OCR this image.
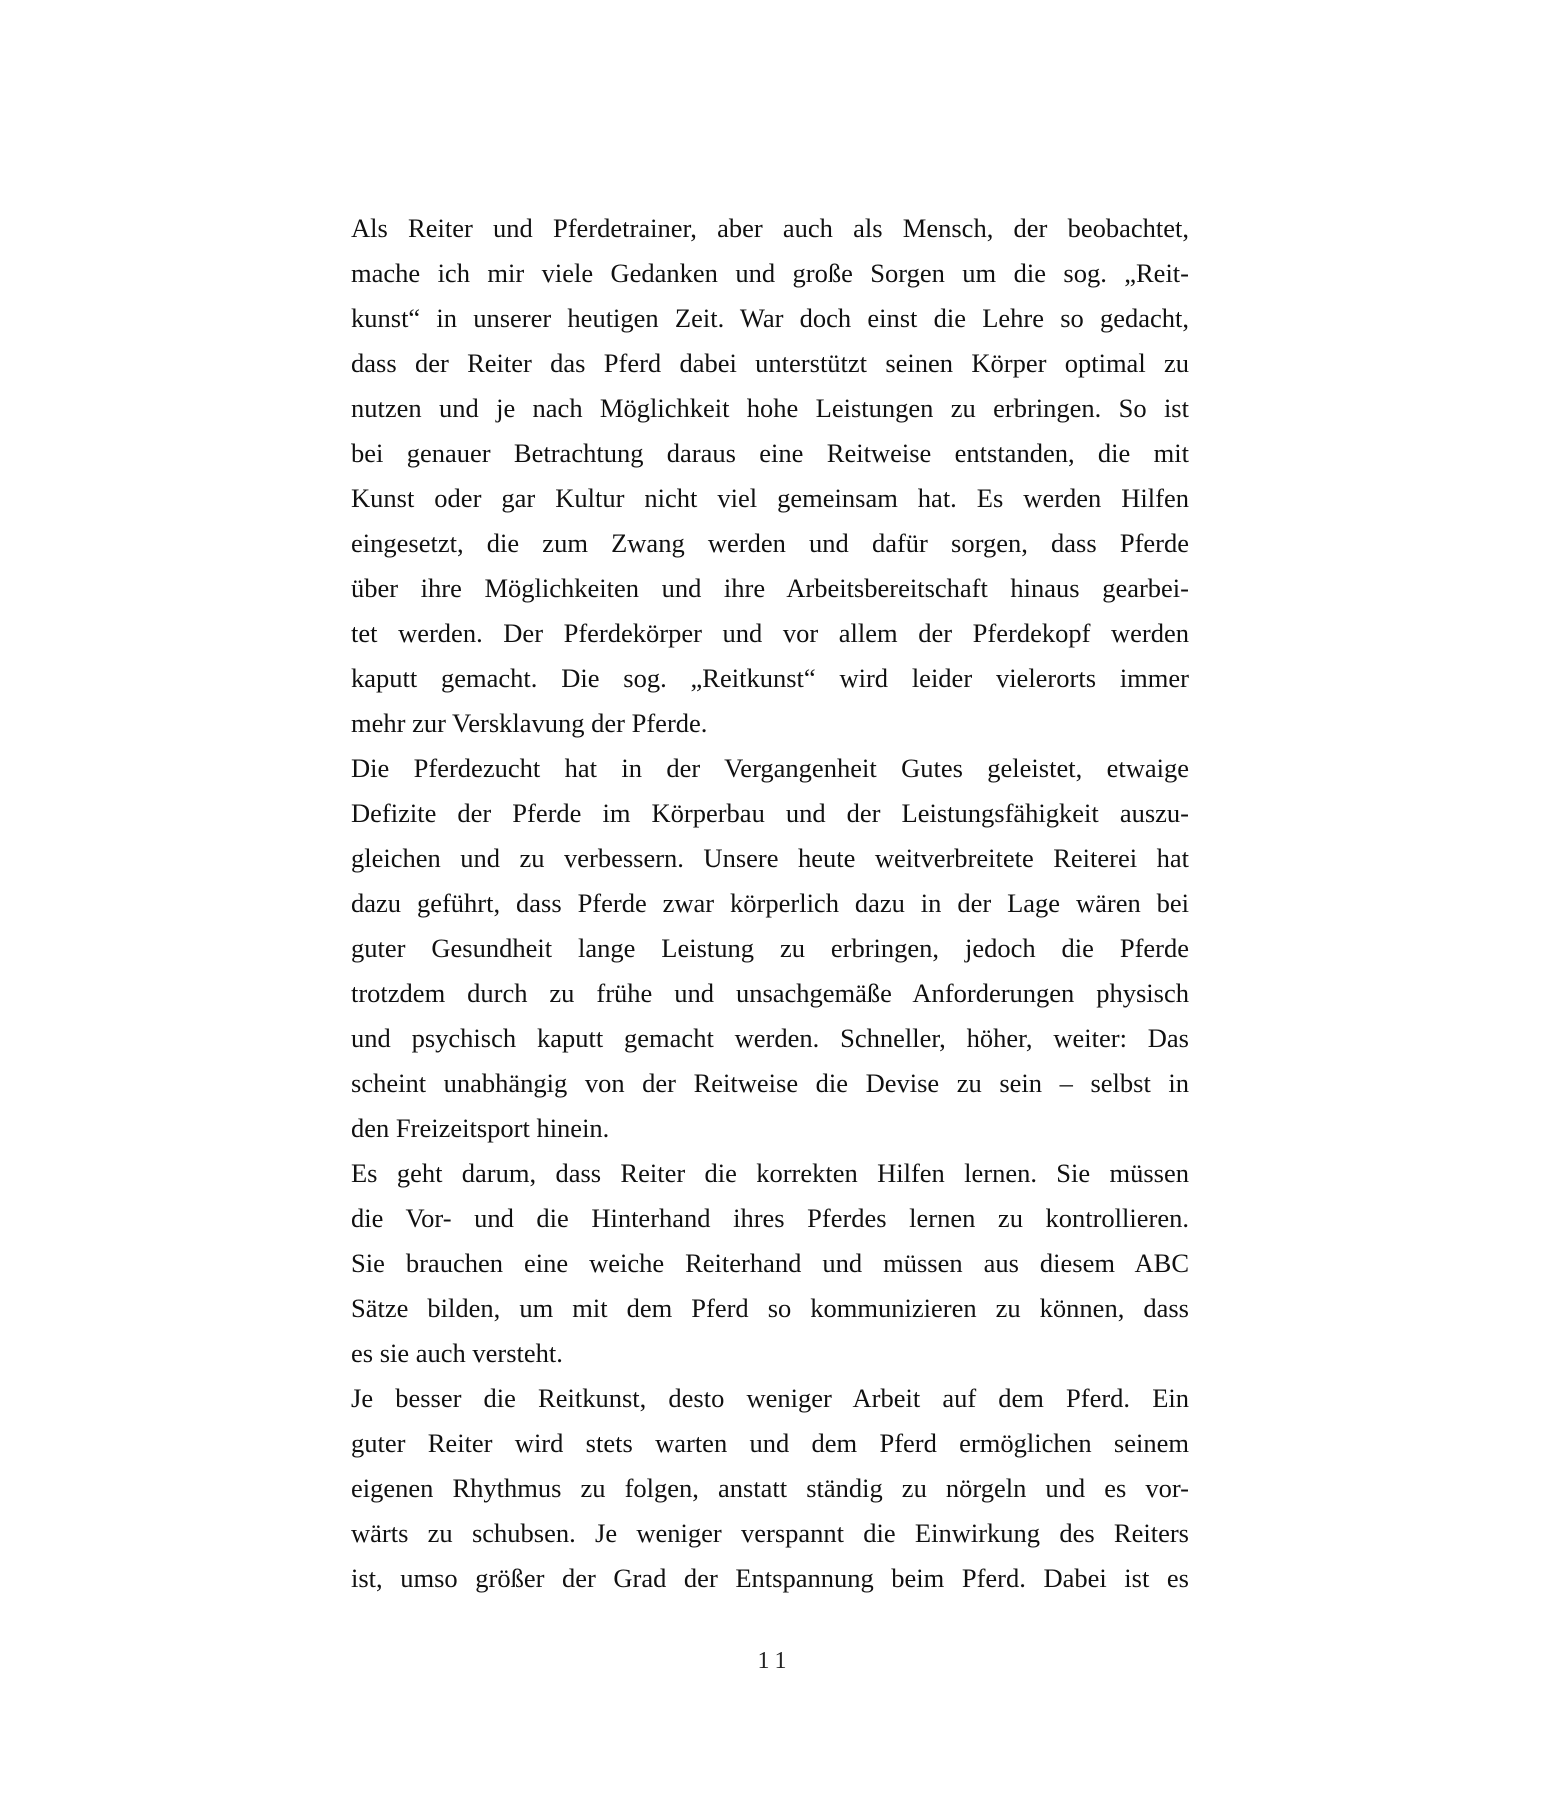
Als Reiter und Pferdetrainer, aber auch als Mensch, der beobachtet,
mache ich mir viele Gedanken und große Sorgen um die sog. „Reit-
kunst“ in unserer heutigen Zeit. War doch einst die Lehre so gedacht,
dass der Reiter das Pferd dabei unterstützt seinen Körper optimal zu
nutzen und je nach Möglichkeit hohe Leistungen zu erbringen. So ist
bei genauer Betrachtung daraus eine Reitweise entstanden, die mit
Kunst oder gar Kultur nicht viel gemeinsam hat. Es werden Hilfen
eingesetzt, die zum Zwang werden und dafür sorgen, dass Pferde
über ihre Möglichkeiten und ihre Arbeitsbereitschaft hinaus gearbei-
tet werden. Der Pferdekörper und vor allem der Pferdekopf werden
kaputt gemacht. Die sog. „Reitkunst“ wird leider vielerorts immer
mehr zur Versklavung der Pferde.
Die Pferdezucht hat in der Vergangenheit Gutes geleistet, etwaige
Defizite der Pferde im Körperbau und der Leistungsfähigkeit auszu-
gleichen und zu verbessern. Unsere heute weitverbreitete Reiterei hat
dazu geführt, dass Pferde zwar körperlich dazu in der Lage wären bei
guter Gesundheit lange Leistung zu erbringen, jedoch die Pferde
trotzdem durch zu frühe und unsachgemäße Anforderungen physisch
und psychisch kaputt gemacht werden. Schneller, höher, weiter: Das
scheint unabhängig von der Reitweise die Devise zu sein – selbst in
den Freizeitsport hinein.
Es geht darum, dass Reiter die korrekten Hilfen lernen. Sie müssen
die Vor- und die Hinterhand ihres Pferdes lernen zu kontrollieren.
Sie brauchen eine weiche Reiterhand und müssen aus diesem ABC
Sätze bilden, um mit dem Pferd so kommunizieren zu können, dass
es sie auch versteht.
Je besser die Reitkunst, desto weniger Arbeit auf dem Pferd. Ein
guter Reiter wird stets warten und dem Pferd ermöglichen seinem
eigenen Rhythmus zu folgen, anstatt ständig zu nörgeln und es vor-
wärts zu schubsen. Je weniger verspannt die Einwirkung des Reiters
ist, umso größer der Grad der Entspannung beim Pferd. Dabei ist es
11
